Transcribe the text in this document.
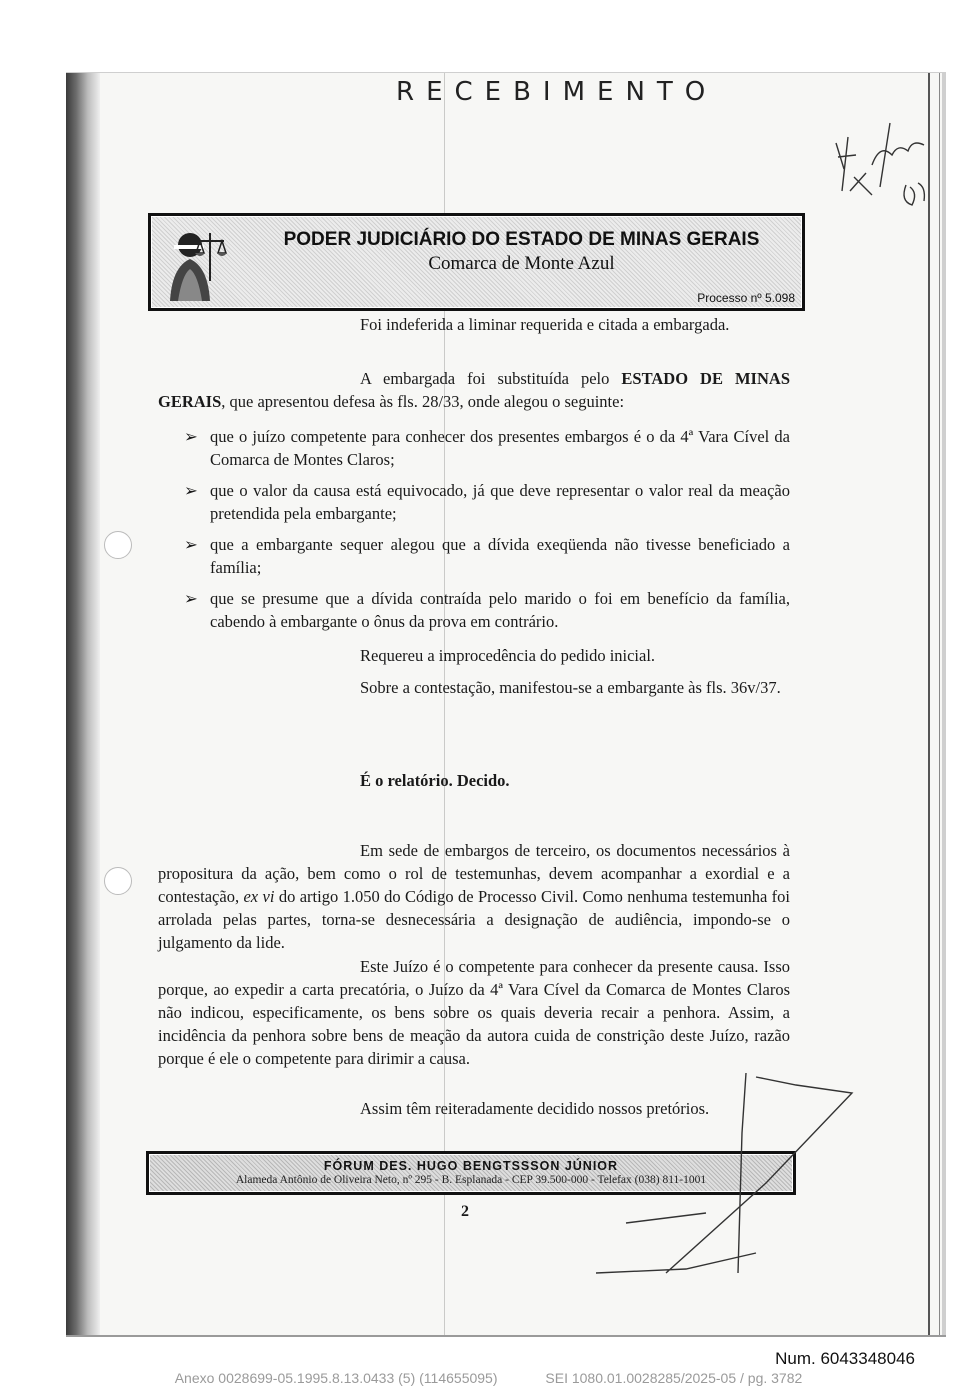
RECEBIMENTO
PODER JUDICIÁRIO DO ESTADO DE MINAS GERAIS
Comarca de Monte Azul
Processo nº 5.098

Foi indeferida a liminar requerida e citada a embargada.

A embargada foi substituída pelo ESTADO DE MINAS GERAIS, que apresentou defesa às fls. 28/33, onde alegou o seguinte:

➢ que o juízo competente para conhecer dos presentes embargos é o da 4ª Vara Cível da Comarca de Montes Claros;
➢ que o valor da causa está equivocado, já que deve representar o valor real da meação pretendida pela embargante;
➢ que a embargante sequer alegou que a dívida exeqüenda não tivesse beneficiado a família;
➢ que se presume que a dívida contraída pelo marido o foi em benefício da família, cabendo à embargante o ônus da prova em contrário.

Requereu a improcedência do pedido inicial.

Sobre a contestação, manifestou-se a embargante às fls. 36v/37.

É o relatório. Decido.

Em sede de embargos de terceiro, os documentos necessários à propositura da ação, bem como o rol de testemunhas, devem acompanhar a exordial e a contestação, ex vi do artigo 1.050 do Código de Processo Civil. Como nenhuma testemunha foi arrolada pelas partes, torna-se desnecessária a designação de audiência, impondo-se o julgamento da lide.

Este Juízo é o competente para conhecer da presente causa. Isso porque, ao expedir a carta precatória, o Juízo da 4ª Vara Cível da Comarca de Montes Claros não indicou, especificamente, os bens sobre os quais deveria recair a penhora. Assim, a incidência da penhora sobre bens de meação da autora cuida de constrição deste Juízo, razão porque é ele o competente para dirimir a causa.

Assim têm reiteradamente decidido nossos pretórios.

FÓRUM DES. HUGO BENGTSSSON JÚNIOR
Alameda Antônio de Oliveira Neto, nº 295 - B. Esplanada - CEP 39.500-000 - Telefax (038) 811-1001
2
Num. 6043348046
Anexo 0028699-05.1995.8.13.0433 (5) (114655095)	SEI 1080.01.0028285/2025-05 / pg. 3782
